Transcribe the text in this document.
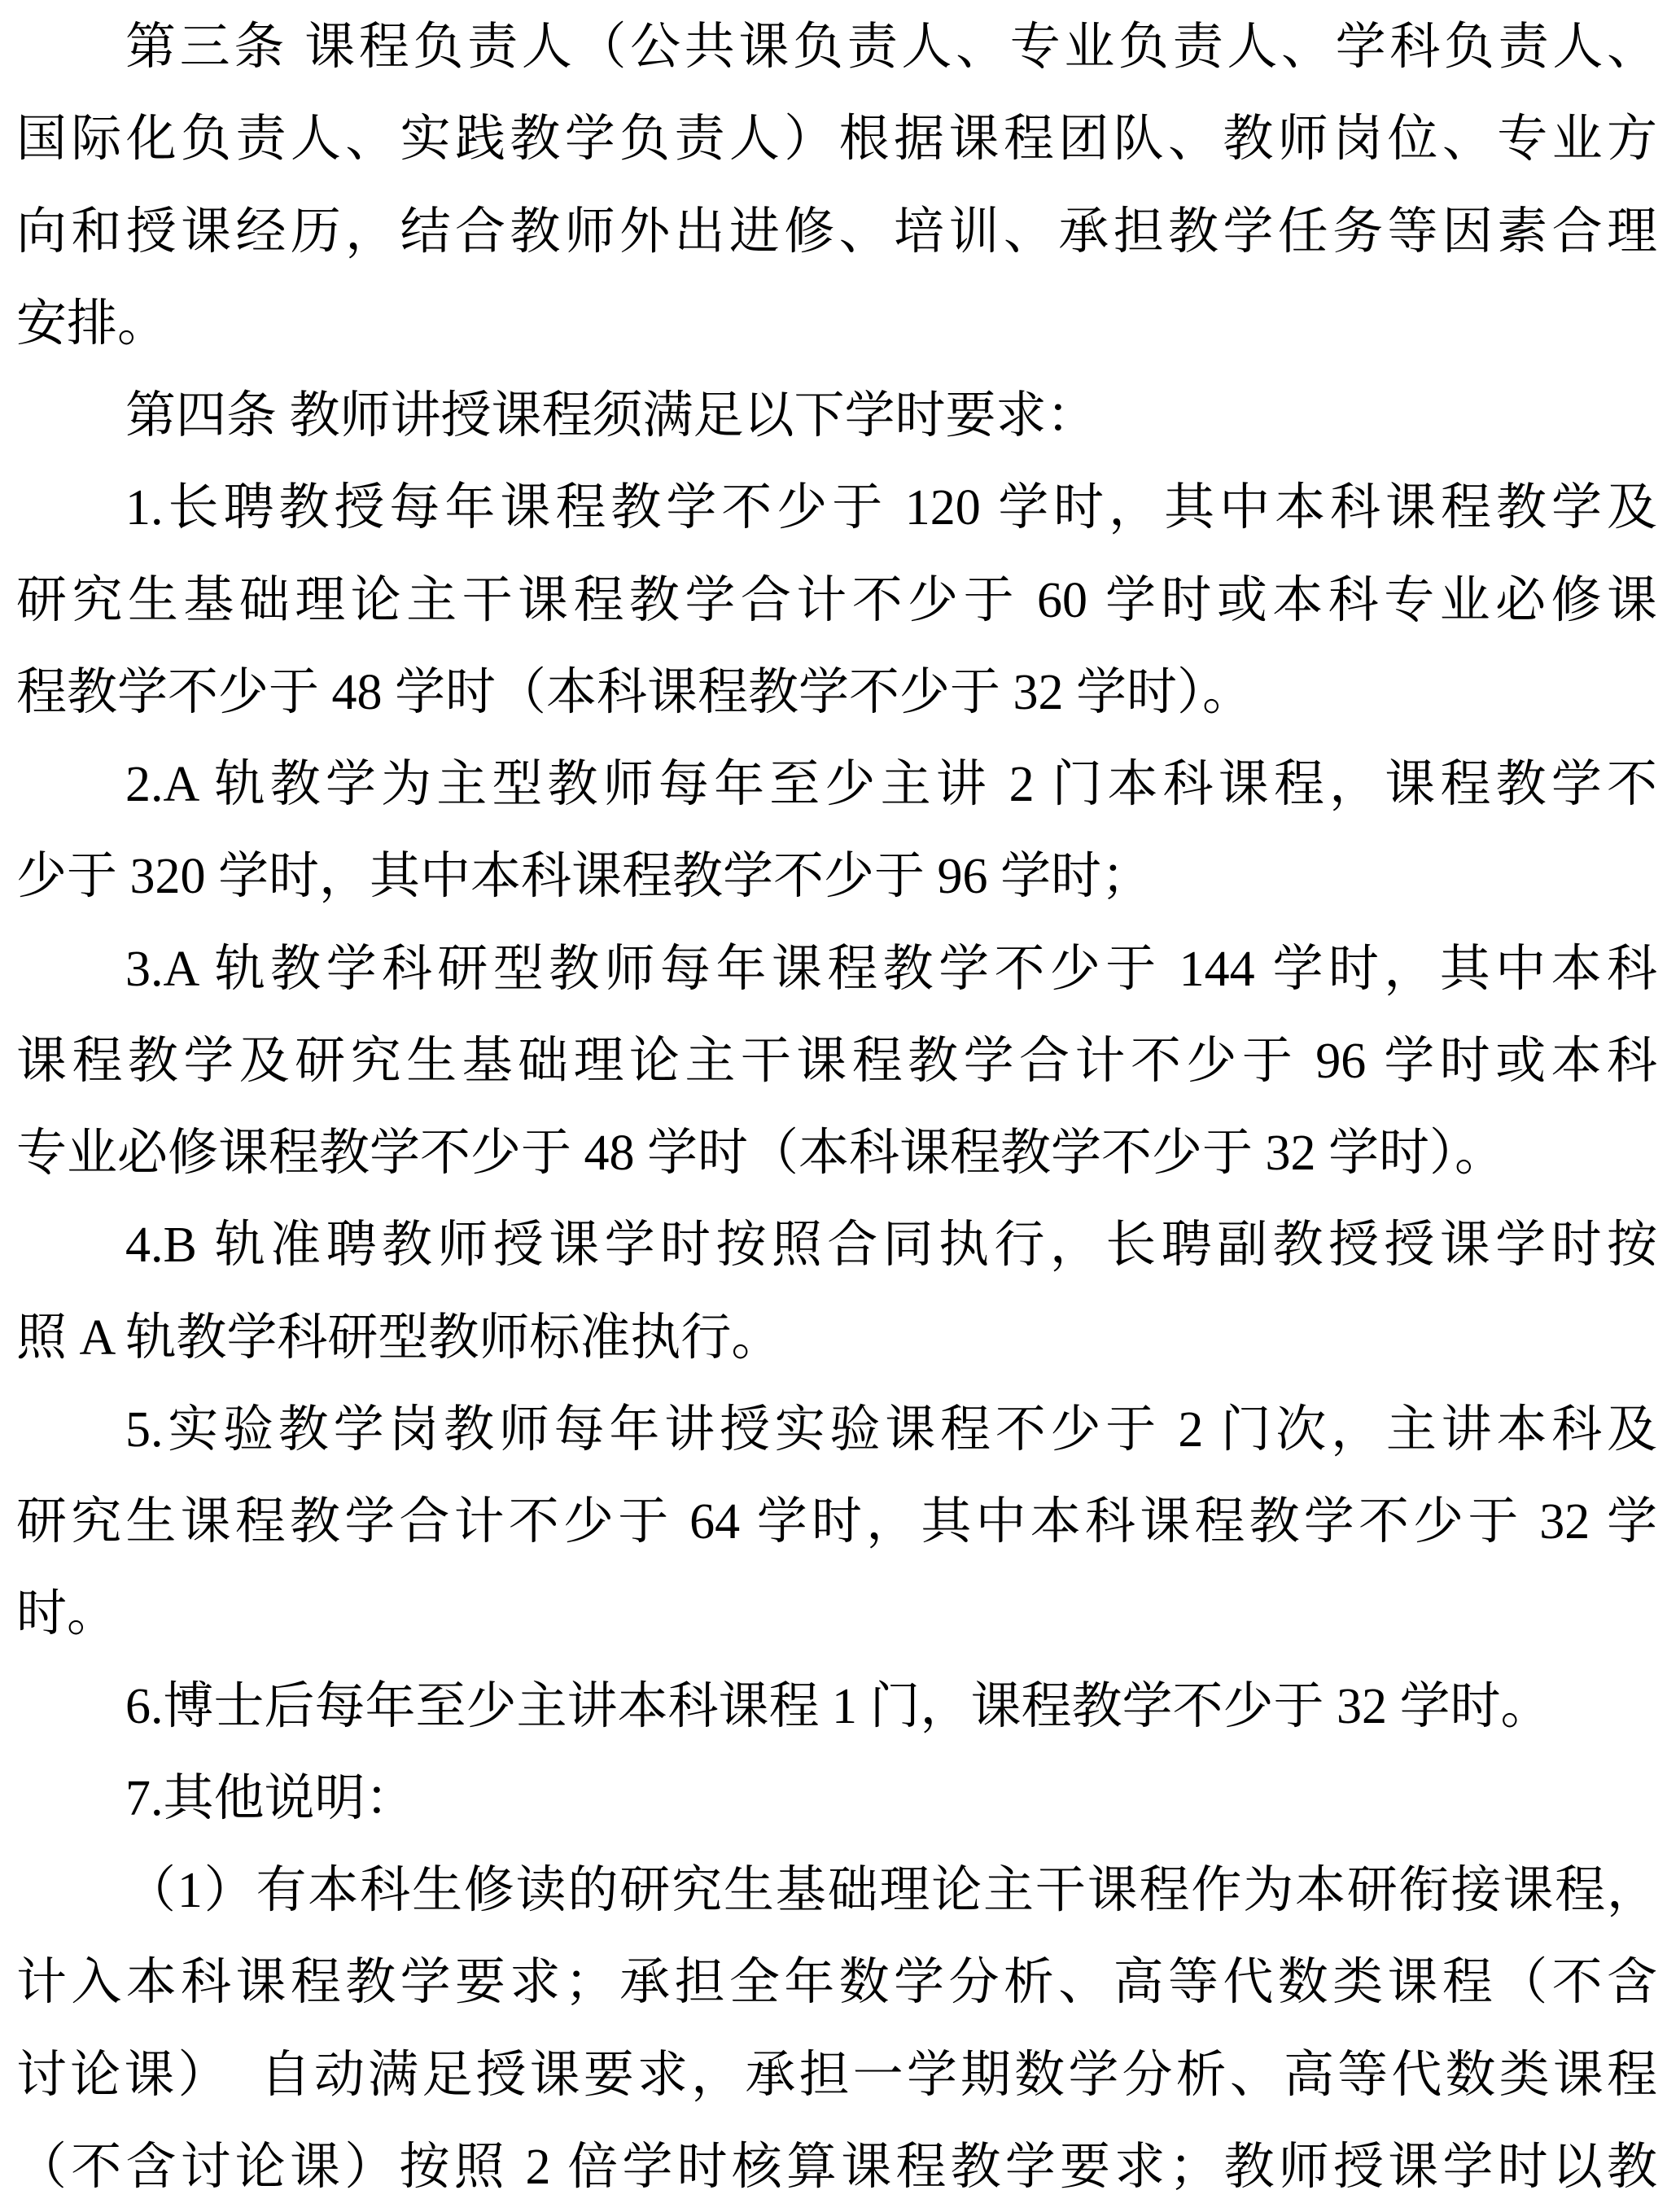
第三条 课程负责人（公共课负责人、专业负责人、学科负责人、
国际化负责人、实践教学负责人）根据课程团队、教师岗位、专业方
向和授课经历，结合教师外出进修、培训、承担教学任务等因素合理
安排。
第四条 教师讲授课程须满足以下学时要求：
1.长聘教授每年课程教学不少于 120 学时，其中本科课程教学及
研究生基础理论主干课程教学合计不少于 60 学时或本科专业必修课
程教学不少于 48 学时（本科课程教学不少于 32 学时）。
2.A 轨教学为主型教师每年至少主讲 2 门本科课程，课程教学不
少于 320 学时，其中本科课程教学不少于 96 学时；
3.A 轨教学科研型教师每年课程教学不少于 144 学时，其中本科
课程教学及研究生基础理论主干课程教学合计不少于 96 学时或本科
专业必修课程教学不少于 48 学时（本科课程教学不少于 32 学时）。
4.B 轨准聘教师授课学时按照合同执行，长聘副教授授课学时按
照 A 轨教学科研型教师标准执行。
5.实验教学岗教师每年讲授实验课程不少于 2 门次，主讲本科及
研究生课程教学合计不少于 64 学时，其中本科课程教学不少于 32 学
时。
6.博士后每年至少主讲本科课程 1 门，课程教学不少于 32 学时。
7.其他说明：
（1）有本科生修读的研究生基础理论主干课程作为本研衔接课程，
计入本科课程教学要求；承担全年数学分析、高等代数类课程（不含
讨论课）　自动满足授课要求，承担一学期数学分析、高等代数类课程
（不含讨论课）按照 2 倍学时核算课程教学要求；教师授课学时以教
